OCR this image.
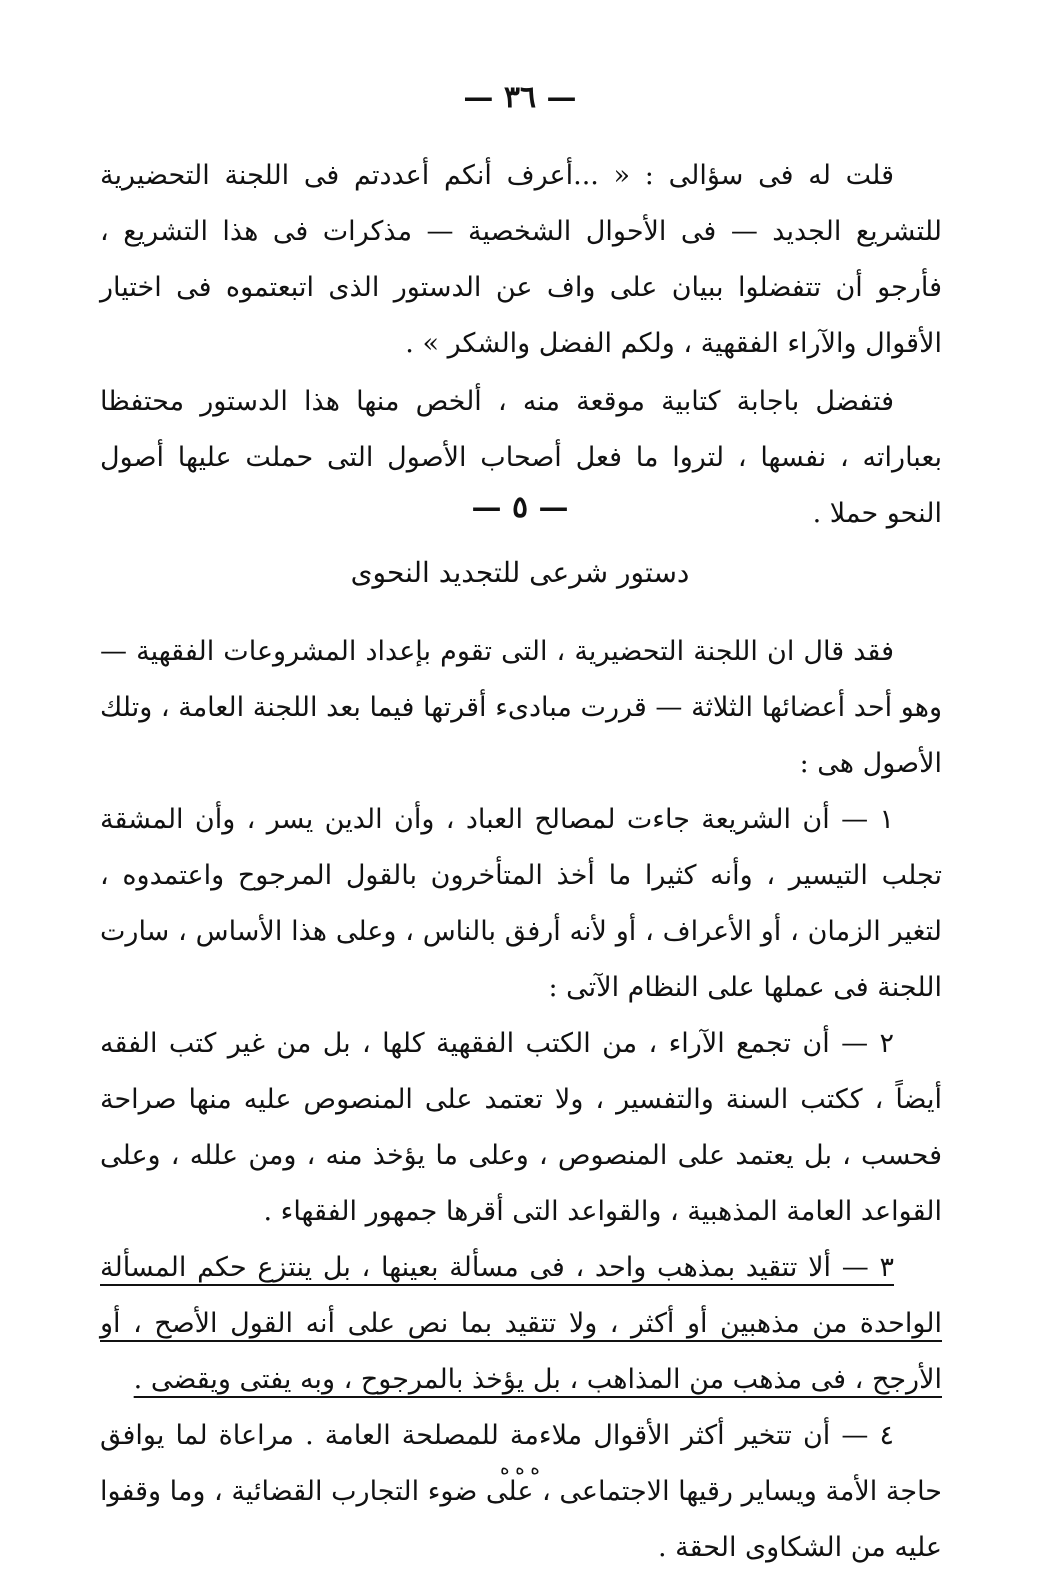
— ٣٦ —

قلت له فى سؤالى : « ...أعرف أنكم أعددتم فى اللجنة التحضيرية للتشريع الجديد — فى الأحوال الشخصية — مذكرات فى هذا التشريع ، فأرجو أن تتفضلوا ببيان على واف عن الدستور الذى اتبعتموه فى اختيار الأقوال والآراء الفقهية ، ولكم الفضل والشكر » .

فتفضل باجابة كتابية موقعة منه ، ألخص منها هذا الدستور محتفظا بعباراته ، نفسها ، لتروا ما فعل أصحاب الأصول التى حملت عليها أصول النحو حملا .

— ٥ —
دستور شرعى للتجديد النحوى

فقد قال ان اللجنة التحضيرية ، التى تقوم بإعداد المشروعات الفقهية — وهو أحد أعضائها الثلاثة — قررت مبادىء أقرتها فيما بعد اللجنة العامة ، وتلك الأصول هى :

١ — أن الشريعة جاءت لمصالح العباد ، وأن الدين يسر ، وأن المشقة تجلب التيسير ، وأنه كثيرا ما أخذ المتأخرون بالقول المرجوح واعتمدوه ، لتغير الزمان ، أو الأعراف ، أو لأنه أرفق بالناس ، وعلى هذا الأساس ، سارت اللجنة فى عملها على النظام الآتى :

٢ — أن تجمع الآراء ، من الكتب الفقهية كلها ، بل من غير كتب الفقه أيضاً ، ككتب السنة والتفسير ، ولا تعتمد على المنصوص عليه منها صراحة فحسب ، بل يعتمد على المنصوص ، وعلى ما يؤخذ منه ، ومن علله ، وعلى القواعد العامة المذهبية ، والقواعد التى أقرها جمهور الفقهاء .

٣ — ألا تتقيد بمذهب واحد ، فى مسألة بعينها ، بل ينتزع حكم المسألة الواحدة من مذهبين أو أكثر ، ولا تتقيد بما نص على أنه القول الأصح ، أو الأرجح ، فى مذهب من المذاهب ، بل يؤخذ بالمرجوح ، وبه يفتى ويقضى .

٤ — أن تتخير أكثر الأقوال ملاءمة للمصلحة العامة . مراعاة لما يوافق حاجة الأمة ويساير رقيها الاجتماعى ، على ضوء التجارب القضائية ، وما وقفوا عليه من الشكاوى الحقة .

ه ه ه
